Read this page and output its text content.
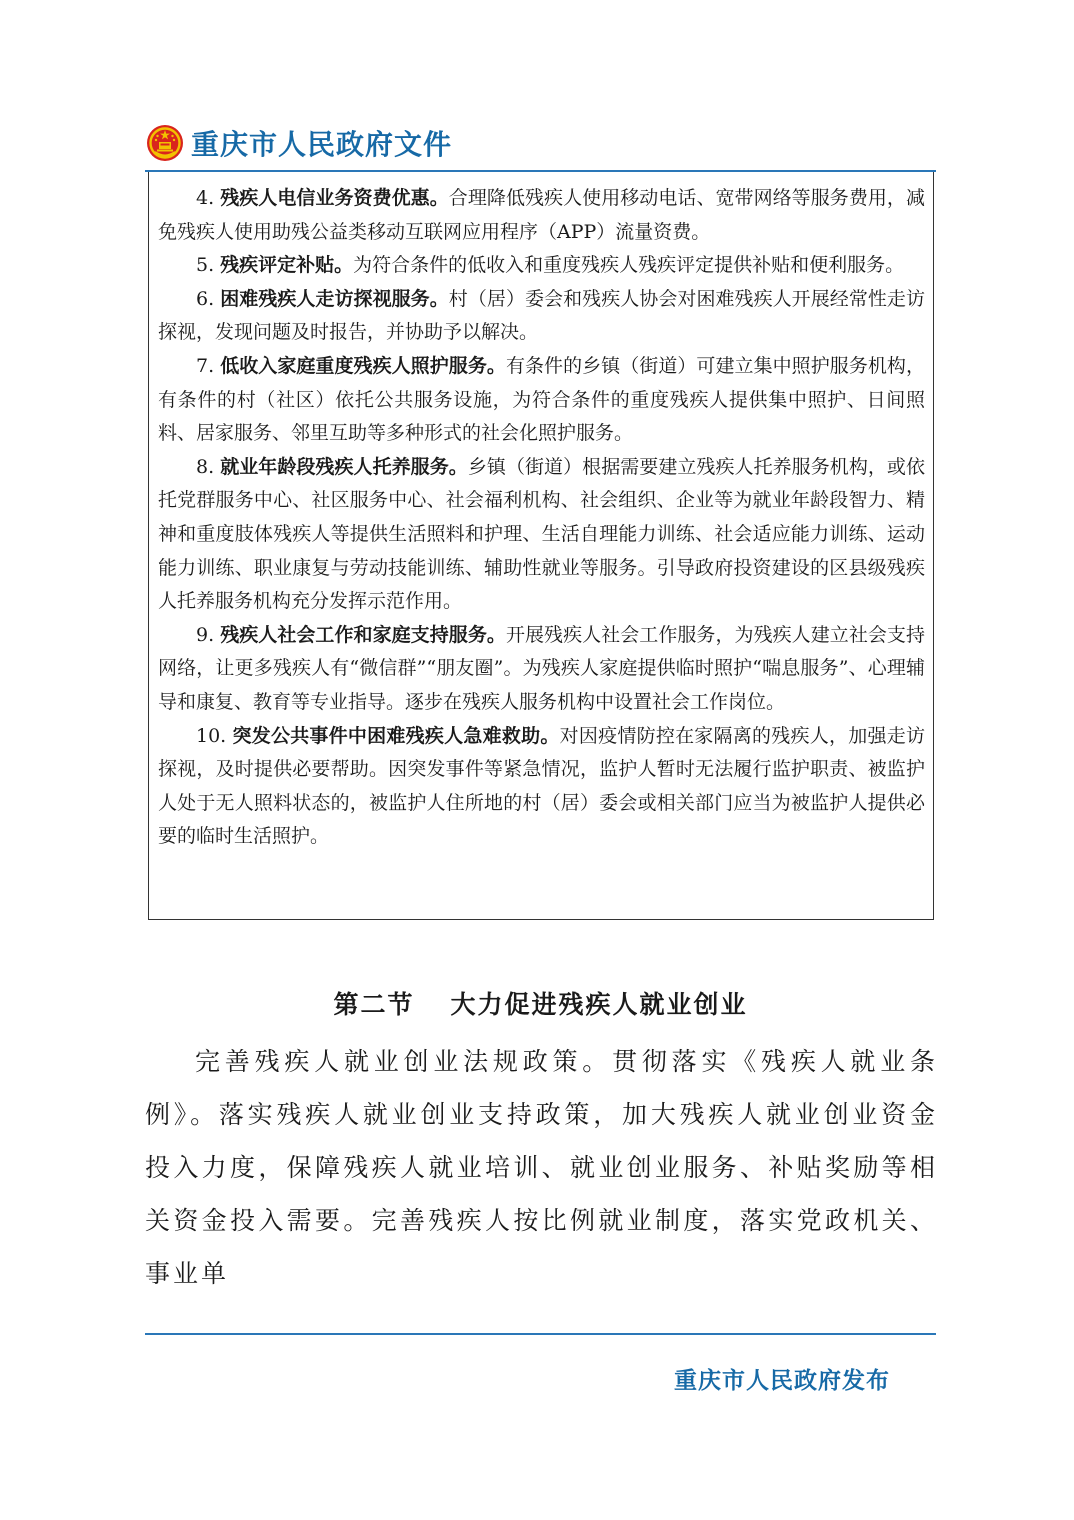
重庆市人民政府文件

4. 残疾人电信业务资费优惠。合理降低残疾人使用移动电话、宽带网络等服务费用，减免残疾人使用助残公益类移动互联网应用程序（APP）流量资费。

5. 残疾评定补贴。为符合条件的低收入和重度残疾人残疾评定提供补贴和便利服务。

6. 困难残疾人走访探视服务。村（居）委会和残疾人协会对困难残疾人开展经常性走访探视，发现问题及时报告，并协助予以解决。

7. 低收入家庭重度残疾人照护服务。有条件的乡镇（街道）可建立集中照护服务机构，有条件的村（社区）依托公共服务设施，为符合条件的重度残疾人提供集中照护、日间照料、居家服务、邻里互助等多种形式的社会化照护服务。

8. 就业年龄段残疾人托养服务。乡镇（街道）根据需要建立残疾人托养服务机构，或依托党群服务中心、社区服务中心、社会福利机构、社会组织、企业等为就业年龄段智力、精神和重度肢体残疾人等提供生活照料和护理、生活自理能力训练、社会适应能力训练、运动能力训练、职业康复与劳动技能训练、辅助性就业等服务。引导政府投资建设的区县级残疾人托养服务机构充分发挥示范作用。

9. 残疾人社会工作和家庭支持服务。开展残疾人社会工作服务，为残疾人建立社会支持网络，让更多残疾人有“微信群”“朋友圈”。为残疾人家庭提供临时照护“喘息服务”、心理辅导和康复、教育等专业指导。逐步在残疾人服务机构中设置社会工作岗位。

10. 突发公共事件中困难残疾人急难救助。对因疫情防控在家隔离的残疾人，加强走访探视，及时提供必要帮助。因突发事件等紧急情况，监护人暂时无法履行监护职责、被监护人处于无人照料状态的，被监护人住所地的村（居）委会或相关部门应当为被监护人提供必要的临时生活照护。

第二节 大力促进残疾人就业创业

完善残疾人就业创业法规政策。贯彻落实《残疾人就业条例》。落实残疾人就业创业支持政策，加大残疾人就业创业资金投入力度，保障残疾人就业培训、就业创业服务、补贴奖励等相关资金投入需要。完善残疾人按比例就业制度，落实党政机关、事业单

重庆市人民政府发布
